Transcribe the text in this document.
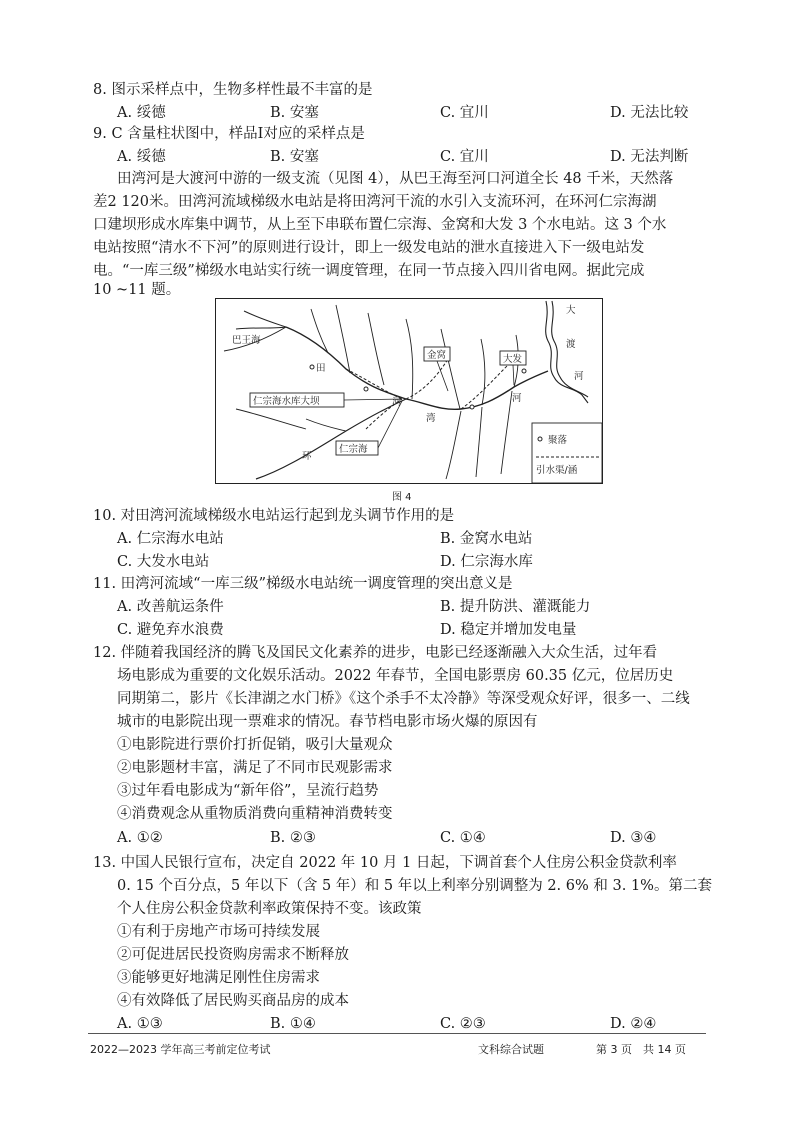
8. 图示采样点中，生物多样性最不丰富的是
A. 绥德	B. 安塞	C. 宜川	D. 无法比较
9. C 含量柱状图中，样品Ⅰ对应的采样点是
A. 绥德	B. 安塞	C. 宜川	D. 无法判断
田湾河是大渡河中游的一级支流（见图 4），从巴王海至河口河道全长 48 千米，天然落
差2 120米。田湾河流域梯级水电站是将田湾河干流的水引入支流环河，在环河仁宗海湖
口建坝形成水库集中调节，从上至下串联布置仁宗海、金窝和大发 3 个水电站。这 3 个水
电站按照“清水不下河”的原则进行设计，即上一级发电站的泄水直接进入下一级电站发
电。“一库三级”梯级水电站实行统一调度管理，在同一节点接入四川省电网。据此完成
10 ~11 题。
巴王海
仁宗海水库大坝
仁宗海
金窝	大发
田
河
湾
河
环
大
渡
河
聚落
引水渠/涵
图 4
10. 对田湾河流域梯级水电站运行起到龙头调节作用的是
A. 仁宗海水电站	B. 金窝水电站
C. 大发水电站	D. 仁宗海水库
11. 田湾河流域“一库三级”梯级水电站统一调度管理的突出意义是
A. 改善航运条件	B. 提升防洪、灌溉能力
C. 避免弃水浪费	D. 稳定并增加发电量
12. 伴随着我国经济的腾飞及国民文化素养的进步，电影已经逐渐融入大众生活，过年看
场电影成为重要的文化娱乐活动。2022 年春节，全国电影票房 60.35 亿元，位居历史
同期第二，影片《长津湖之水门桥》《这个杀手不太冷静》等深受观众好评，很多一、二线
城市的电影院出现一票难求的情况。春节档电影市场火爆的原因有
①电影院进行票价打折促销，吸引大量观众
②电影题材丰富，满足了不同市民观影需求
③过年看电影成为“新年俗”，呈流行趋势
④消费观念从重物质消费向重精神消费转变
A. ①②	B. ②③	C. ①④	D. ③④
13. 中国人民银行宣布，决定自 2022 年 10 月 1 日起，下调首套个人住房公积金贷款利率
0. 15 个百分点，5 年以下（含 5 年）和 5 年以上利率分别调整为 2. 6% 和 3. 1%。第二套
个人住房公积金贷款利率政策保持不变。该政策
①有利于房地产市场可持续发展
②可促进居民投资购房需求不断释放
③能够更好地满足刚性住房需求
④有效降低了居民购买商品房的成本
A. ①③	B. ①④	C. ②③	D. ②④
2022—2023 学年高三考前定位考试	文科综合试题	第 3 页　共 14 页
